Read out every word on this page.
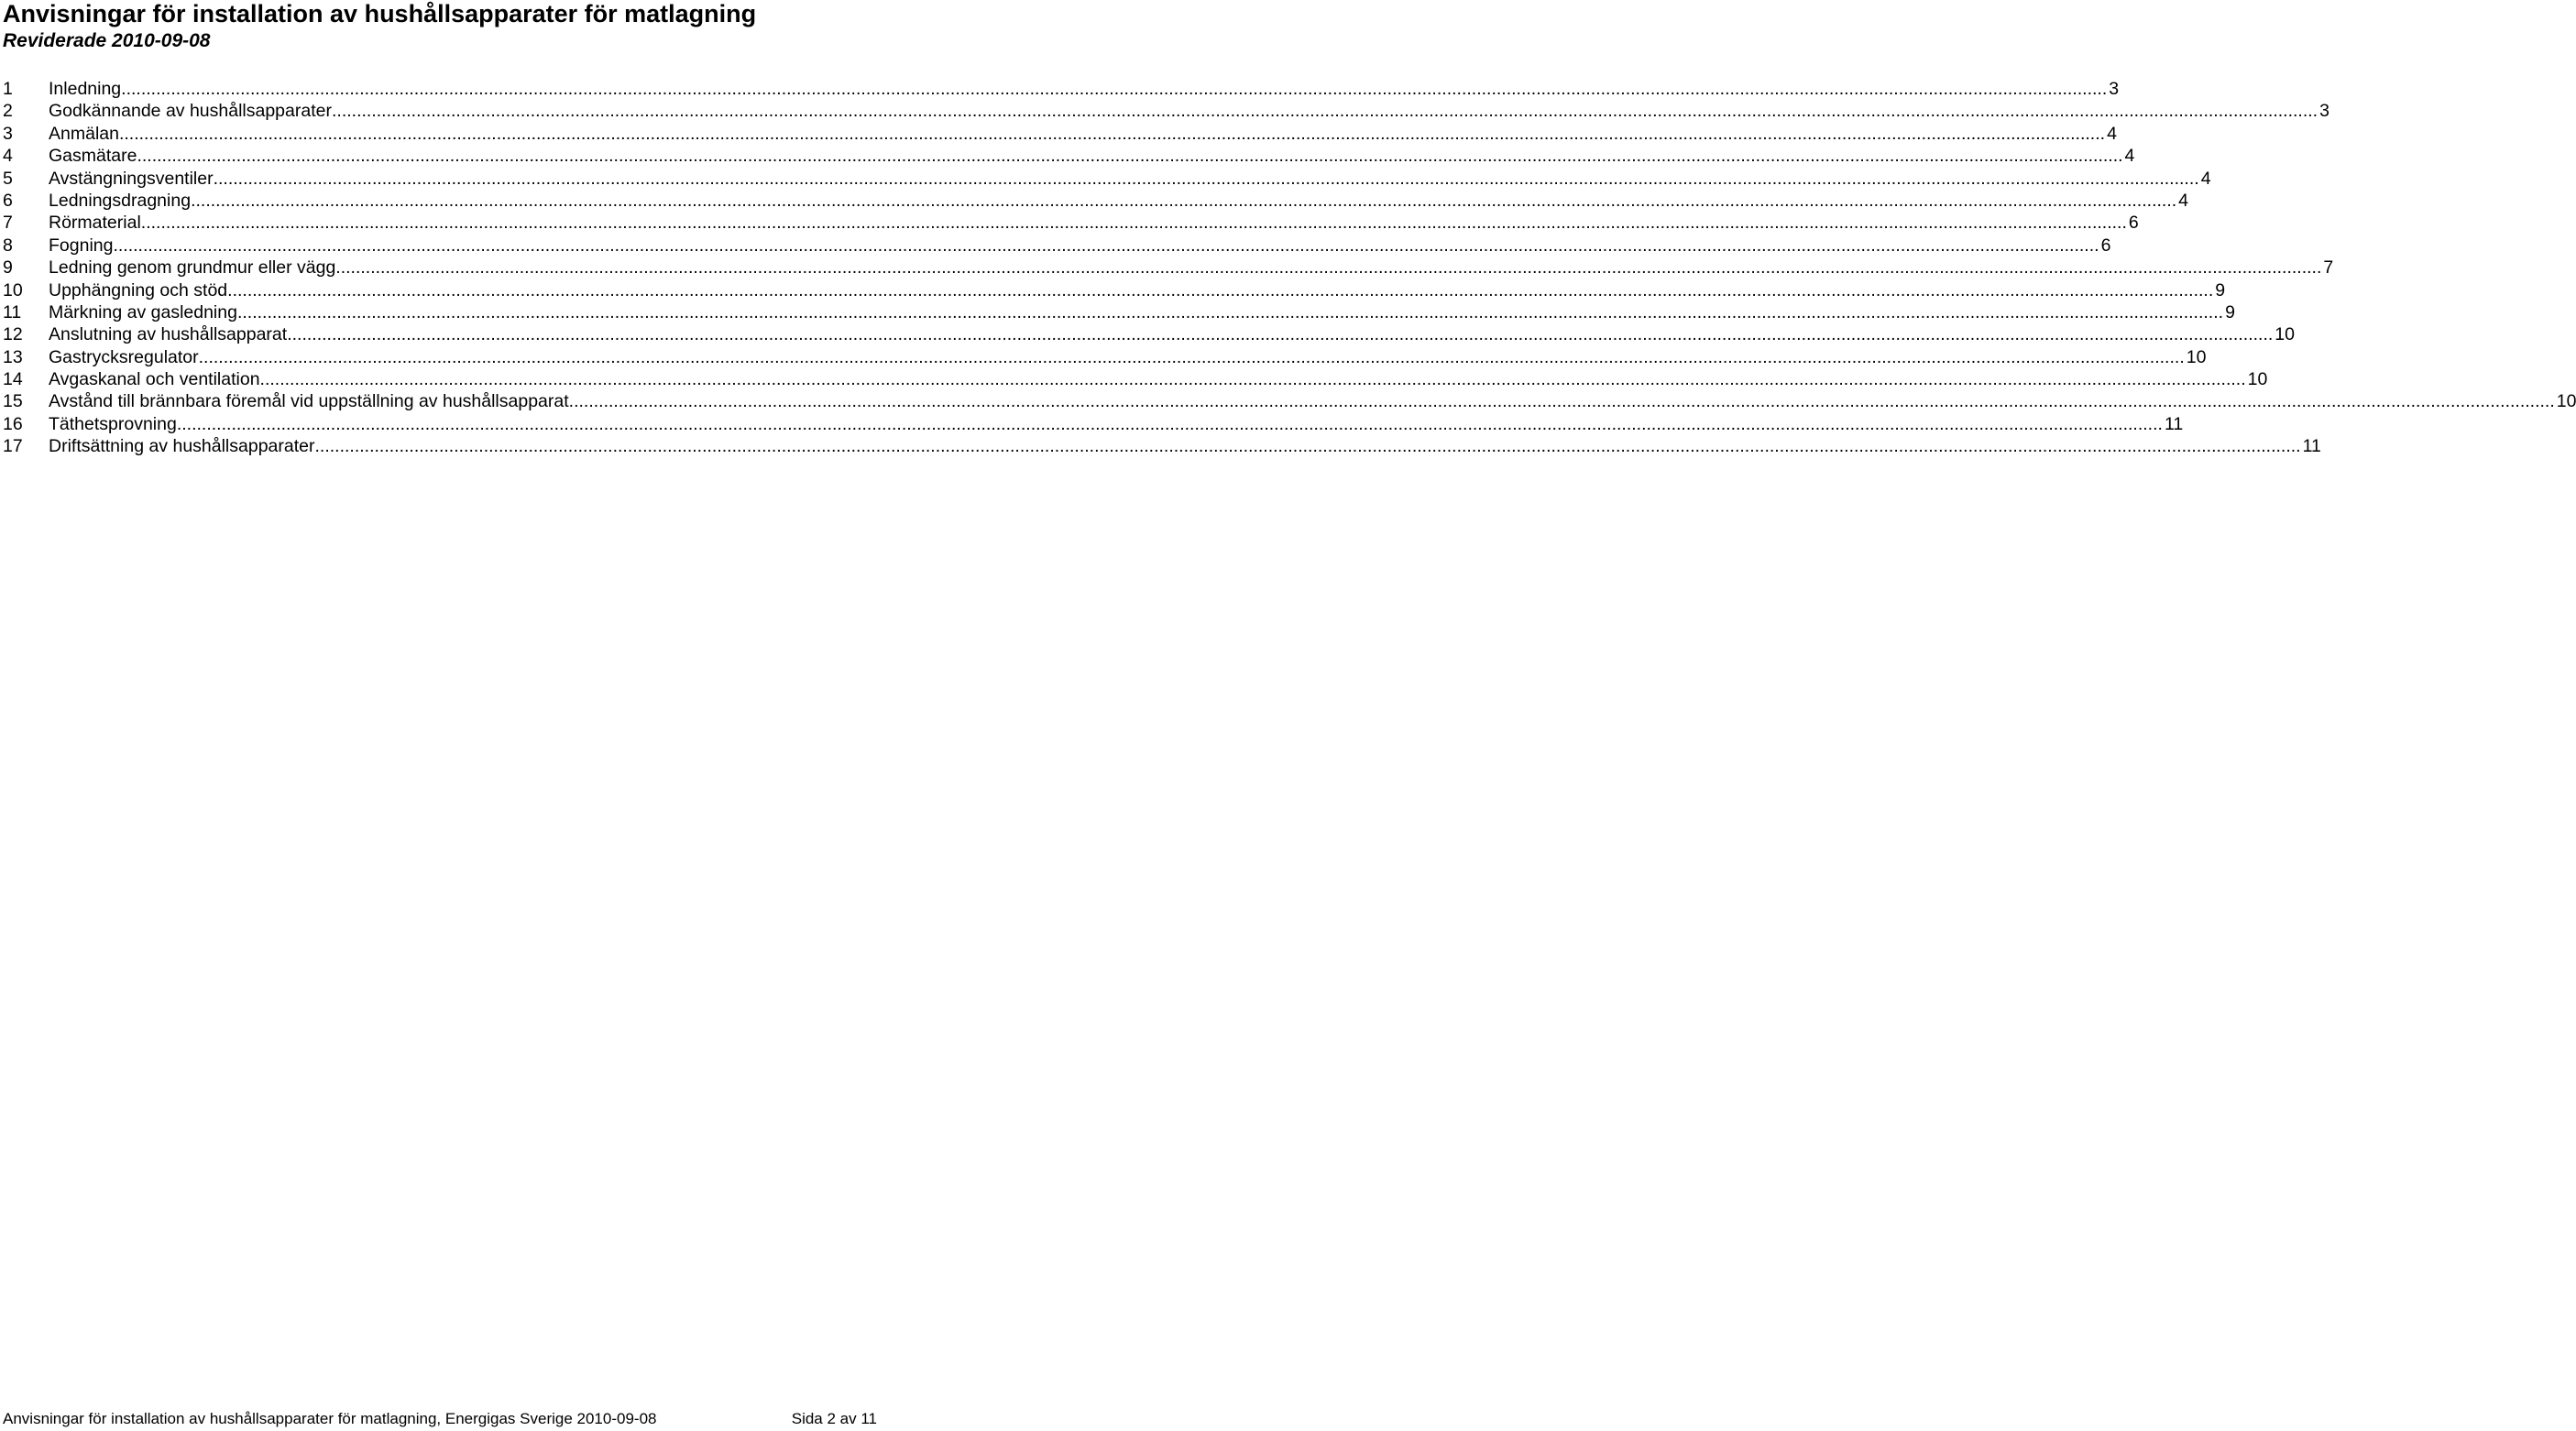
Anvisningar för installation av hushållsapparater för matlagning
Reviderade 2010-09-08
1	Inledning ................................................................................................................................................................................................................................................................................................................................................................................................................ 3
2	Godkännande av hushållsapparater ................................................................................................................................................................................................................................................................................................................................................................................................................ 3
3	Anmälan ................................................................................................................................................................................................................................................................................................................................................................................................................ 4
4	Gasmätare ................................................................................................................................................................................................................................................................................................................................................................................................................ 4
5	Avstängningsventiler ................................................................................................................................................................................................................................................................................................................................................................................................................ 4
6	Ledningsdragning ................................................................................................................................................................................................................................................................................................................................................................................................................ 4
7	Rörmaterial ................................................................................................................................................................................................................................................................................................................................................................................................................ 6
8	Fogning ................................................................................................................................................................................................................................................................................................................................................................................................................ 6
9	Ledning genom grundmur eller vägg ................................................................................................................................................................................................................................................................................................................................................................................................................ 7
10	Upphängning och stöd ................................................................................................................................................................................................................................................................................................................................................................................................................ 9
11	Märkning av gasledning ................................................................................................................................................................................................................................................................................................................................................................................................................ 9
12	Anslutning av hushållsapparat ................................................................................................................................................................................................................................................................................................................................................................................................................ 10
13	Gastrycksregulator ................................................................................................................................................................................................................................................................................................................................................................................................................ 10
14	Avgaskanal och ventilation ................................................................................................................................................................................................................................................................................................................................................................................................................ 10
15	Avstånd till brännbara föremål vid uppställning av hushållsapparat ................................................................................................................................................................................................................................................................................................................................................................................................................ 10
16	Täthetsprovning ................................................................................................................................................................................................................................................................................................................................................................................................................ 11
17	Driftsättning av hushållsapparater ................................................................................................................................................................................................................................................................................................................................................................................................................ 11
Anvisningar för installation av hushållsapparater för matlagning, Energigas Sverige 2010-09-08	Sida 2 av 11
